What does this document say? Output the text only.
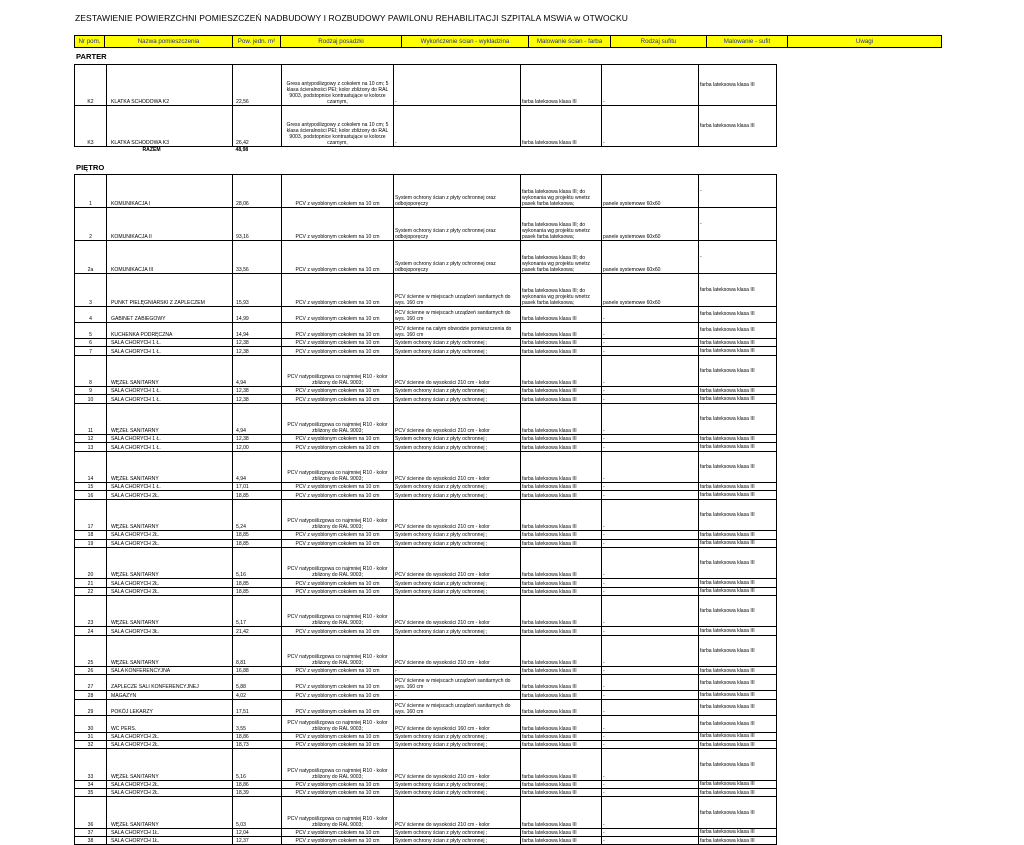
ZESTAWIENIE POWIERZCHNI POMIESZCZEŃ NADBUDOWY I ROZBUDOWY PAWILONU REHABILITACJI SZPITALA MSWiA w OTWOCKU
Nr pom.	Nazwa pomieszczenia	Pow. jedn. m²	Rodzaj posadzki	Wykończenie ścian - wykładzina	Malowanie ścian - farba	Rodzaj sufitu	Malowanie - sufit	Uwagi
PARTER
K2	KLATKA SCHODOWA K2	22,56	Gress antypoślizgowy z cokołem na 10 cm; 5 klasa ścieralności PEI; kolor zbliżony do RAL 9003, podstopnice kontrastujące w kolorze czarnym,	-	farba lateksowa klasa III	-	farba lateksowa klasa III	
K3	KLATKA SCHODOWA K3	26,42	Gress antypoślizgowy z cokołem na 10 cm; 5 klasa ścieralności PEI; kolor zbliżony do RAL 9003, podstopnice kontrastujące w kolorze czarnym,	-	farba lateksowa klasa III	-	farba lateksowa klasa III	
	RAZEM	48,98						
PIĘTRO
1	KOMUNIKACJA I	28,06	PCV z wyoblonym cokołem na 10 cm	System ochrony ścian z płyty ochronnej oraz odbojoporęczy	farba lateksowa klasa III; do wykonania wg projektu wnetrz pasek farba lateksowa;	panele systemowe 60x60	-	
2	KOMUNIKACJA II	93,16	PCV z wyoblonym cokołem na 10 cm	System ochrony ścian z płyty ochronnej oraz odbojoporęczy	farba lateksowa klasa III; do wykonania wg projektu wnetrz pasek farba lateksowa;	panele systemowe 60x60	-	
2a	KOMUNIKACJA III	33,56	PCV z wyoblonym cokołem na 10 cm	System ochrony ścian z płyty ochronnej oraz odbojoporęczy	farba lateksowa klasa III; do wykonania wg projektu wnetrz pasek farba lateksowa;	panele systemowe 60x60	-	
3	PUNKT PIELĘGNIARSKI Z ZAPLECZEM	15,93	PCV z wyoblonym cokołem na 10 cm	PCV ścienne w miejscach urządzeń sanitarnych do wys. 160 cm	farba lateksowa klasa III; do wykonania wg projektu wnetrz pasek farba lateksowa;	panele systemowe 60x60	farba lateksowa klasa III	
4	GABINET ZABIEGOWY	14,99	PCV z wyoblonym cokołem na 10 cm	PCV ścienne w miejscach urządzeń sanitarnych do wys. 160 cm	farba lateksowa klasa III	-	farba lateksowa klasa III	
5	KUCHENKA PODRĘCZNA	14,94	PCV z wyoblonym cokołem na 10 cm	PCV ścienne na całym obwodzie pomieszczenia do wys. 160 cm	farba lateksowa klasa III	-	farba lateksowa klasa III	
6	SALA CHORYCH 1 Ł.	12,38	PCV z wyoblonym cokołem na 10 cm	System ochrony ścian z płyty ochronnej ;	farba lateksowa klasa III	-	farba lateksowa klasa III	
7	SALA CHORYCH 1 Ł.	12,38	PCV z wyoblonym cokołem na 10 cm	System ochrony ścian z płyty ochronnej ;	farba lateksowa klasa III	-	farba lateksowa klasa III	
8	WĘZEŁ SANITARNY	4,94	PCV natypoślizgowa co najmniej R10 - kolor zbliżony do RAL 9003;	PCV ścienne do wysokości 210 cm - kolor	farba lateksowa klasa III	-	farba lateksowa klasa III	
9	SALA CHORYCH 1 Ł.	12,38	PCV z wyoblonym cokołem na 10 cm	System ochrony ścian z płyty ochronnej ;	farba lateksowa klasa III	-	farba lateksowa klasa III	
10	SALA CHORYCH 1 Ł.	12,38	PCV z wyoblonym cokołem na 10 cm	System ochrony ścian z płyty ochronnej ;	farba lateksowa klasa III	-	farba lateksowa klasa III	
11	WĘZEŁ SANITARNY	4,94	PCV natypoślizgowa co najmniej R10 - kolor zbliżony do RAL 9003;	PCV ścienne do wysokości 210 cm - kolor	farba lateksowa klasa III	-	farba lateksowa klasa III	
12	SALA CHORYCH 1 Ł.	12,38	PCV z wyoblonym cokołem na 10 cm	System ochrony ścian z płyty ochronnej ;	farba lateksowa klasa III	-	farba lateksowa klasa III	
13	SALA CHORYCH 1 Ł.	12,00	PCV z wyoblonym cokołem na 10 cm	System ochrony ścian z płyty ochronnej ;	farba lateksowa klasa III	-	farba lateksowa klasa III	
14	WĘZEŁ SANITARNY	4,94	PCV natypoślizgowa co najmniej R10 - kolor zbliżony do RAL 9003;	PCV ścienne do wysokości 210 cm - kolor	farba lateksowa klasa III	-	farba lateksowa klasa III	
15	SALA CHORYCH 1 Ł.	17,01	PCV z wyoblonym cokołem na 10 cm	System ochrony ścian z płyty ochronnej ;	farba lateksowa klasa III	-	farba lateksowa klasa III	
16	SALA CHORYCH 2Ł.	18,85	PCV z wyoblonym cokołem na 10 cm	System ochrony ścian z płyty ochronnej ;	farba lateksowa klasa III	-	farba lateksowa klasa III	
17	WĘZEŁ SANITARNY	5,24	PCV natypoślizgowa co najmniej R10 - kolor zbliżony do RAL 9003;	PCV ścienne do wysokości 210 cm - kolor	farba lateksowa klasa III	-	farba lateksowa klasa III	
18	SALA CHORYCH 2Ł.	18,85	PCV z wyoblonym cokołem na 10 cm	System ochrony ścian z płyty ochronnej ;	farba lateksowa klasa III	-	farba lateksowa klasa III	
19	SALA CHORYCH 2Ł.	18,85	PCV z wyoblonym cokołem na 10 cm	System ochrony ścian z płyty ochronnej ;	farba lateksowa klasa III	-	farba lateksowa klasa III	
20	WĘZEŁ SANITARNY	5,16	PCV natypoślizgowa co najmniej R10 - kolor zbliżony do RAL 9003;	PCV ścienne do wysokości 210 cm - kolor	farba lateksowa klasa III	-	farba lateksowa klasa III	
21	SALA CHORYCH 2Ł.	18,85	PCV z wyoblonym cokołem na 10 cm	System ochrony ścian z płyty ochronnej ;	farba lateksowa klasa III	-	farba lateksowa klasa III	
22	SALA CHORYCH 2Ł.	18,85	PCV z wyoblonym cokołem na 10 cm	System ochrony ścian z płyty ochronnej ;	farba lateksowa klasa III	-	farba lateksowa klasa III	
23	WĘZEŁ SANITARNY	5,17	PCV natypoślizgowa co najmniej R10 - kolor zbliżony do RAL 9003;	PCV ścienne do wysokości 210 cm - kolor	farba lateksowa klasa III	-	farba lateksowa klasa III	
24	SALA CHORYCH 3Ł.	21,42	PCV z wyoblonym cokołem na 10 cm	System ochrony ścian z płyty ochronnej ;	farba lateksowa klasa III	-	farba lateksowa klasa III	
25	WĘZEŁ SANITARNY	8,81	PCV natypoślizgowa co najmniej R10 - kolor zbliżony do RAL 9003;	PCV ścienne do wysokości 210 cm - kolor	farba lateksowa klasa III	-	farba lateksowa klasa III	
26	SALA KONFERENCYJNA	16,88	PCV z wyoblonym cokołem na 10 cm	-	farba lateksowa klasa III	-	farba lateksowa klasa III	
27	ZAPLECZE SALI KONFERENCYJNEJ	5,88	PCV z wyoblonym cokołem na 10 cm	PCV ścienne w miejscach urządzeń sanitarnych do wys. 160 cm	farba lateksowa klasa III	-	farba lateksowa klasa III	
28	MAGAZYN	4,02	PCV z wyoblonym cokołem na 10 cm	-	farba lateksowa klasa III	-	farba lateksowa klasa III	
29	POKÓJ LEKARZY	17,51	PCV z wyoblonym cokołem na 10 cm	PCV ścienne w miejscach urządzeń sanitarnych do wys. 160 cm	farba lateksowa klasa III	-	farba lateksowa klasa III	
30	WC PERS.	3,55	PCV natypoślizgowa co najmniej R10 - kolor zbliżony do RAL 9003;	PCV ścienne do wysokości 160 cm - kolor	farba lateksowa klasa III	-	farba lateksowa klasa III	
31	SALA CHORYCH 2Ł.	18,86	PCV z wyoblonym cokołem na 10 cm	System ochrony ścian z płyty ochronnej ;	farba lateksowa klasa III	-	farba lateksowa klasa III	
32	SALA CHORYCH 2Ł.	18,73	PCV z wyoblonym cokołem na 10 cm	System ochrony ścian z płyty ochronnej ;	farba lateksowa klasa III	-	farba lateksowa klasa III	
33	WĘZEŁ SANITARNY	5,16	PCV natypoślizgowa co najmniej R10 - kolor zbliżony do RAL 9003;	PCV ścienne do wysokości 210 cm - kolor	farba lateksowa klasa III	-	farba lateksowa klasa III	
34	SALA CHORYCH 2Ł.	18,86	PCV z wyoblonym cokołem na 10 cm	System ochrony ścian z płyty ochronnej ;	farba lateksowa klasa III	-	farba lateksowa klasa III	
35	SALA CHORYCH 2Ł.	18,39	PCV z wyoblonym cokołem na 10 cm	System ochrony ścian z płyty ochronnej ;	farba lateksowa klasa III	-	farba lateksowa klasa III	
36	WĘZEŁ SANITARNY	5,03	PCV natypoślizgowa co najmniej R10 - kolor zbliżony do RAL 9003;	PCV ścienne do wysokości 210 cm - kolor	farba lateksowa klasa III	-	farba lateksowa klasa III	
37	SALA CHORYCH 1Ł.	12,04	PCV z wyoblonym cokołem na 10 cm	System ochrony ścian z płyty ochronnej ;	farba lateksowa klasa III	-	farba lateksowa klasa III	
38	SALA CHORYCH 1Ł.	12,37	PCV z wyoblonym cokołem na 10 cm	System ochrony ścian z płyty ochronnej ;	farba lateksowa klasa III	-	farba lateksowa klasa III	
